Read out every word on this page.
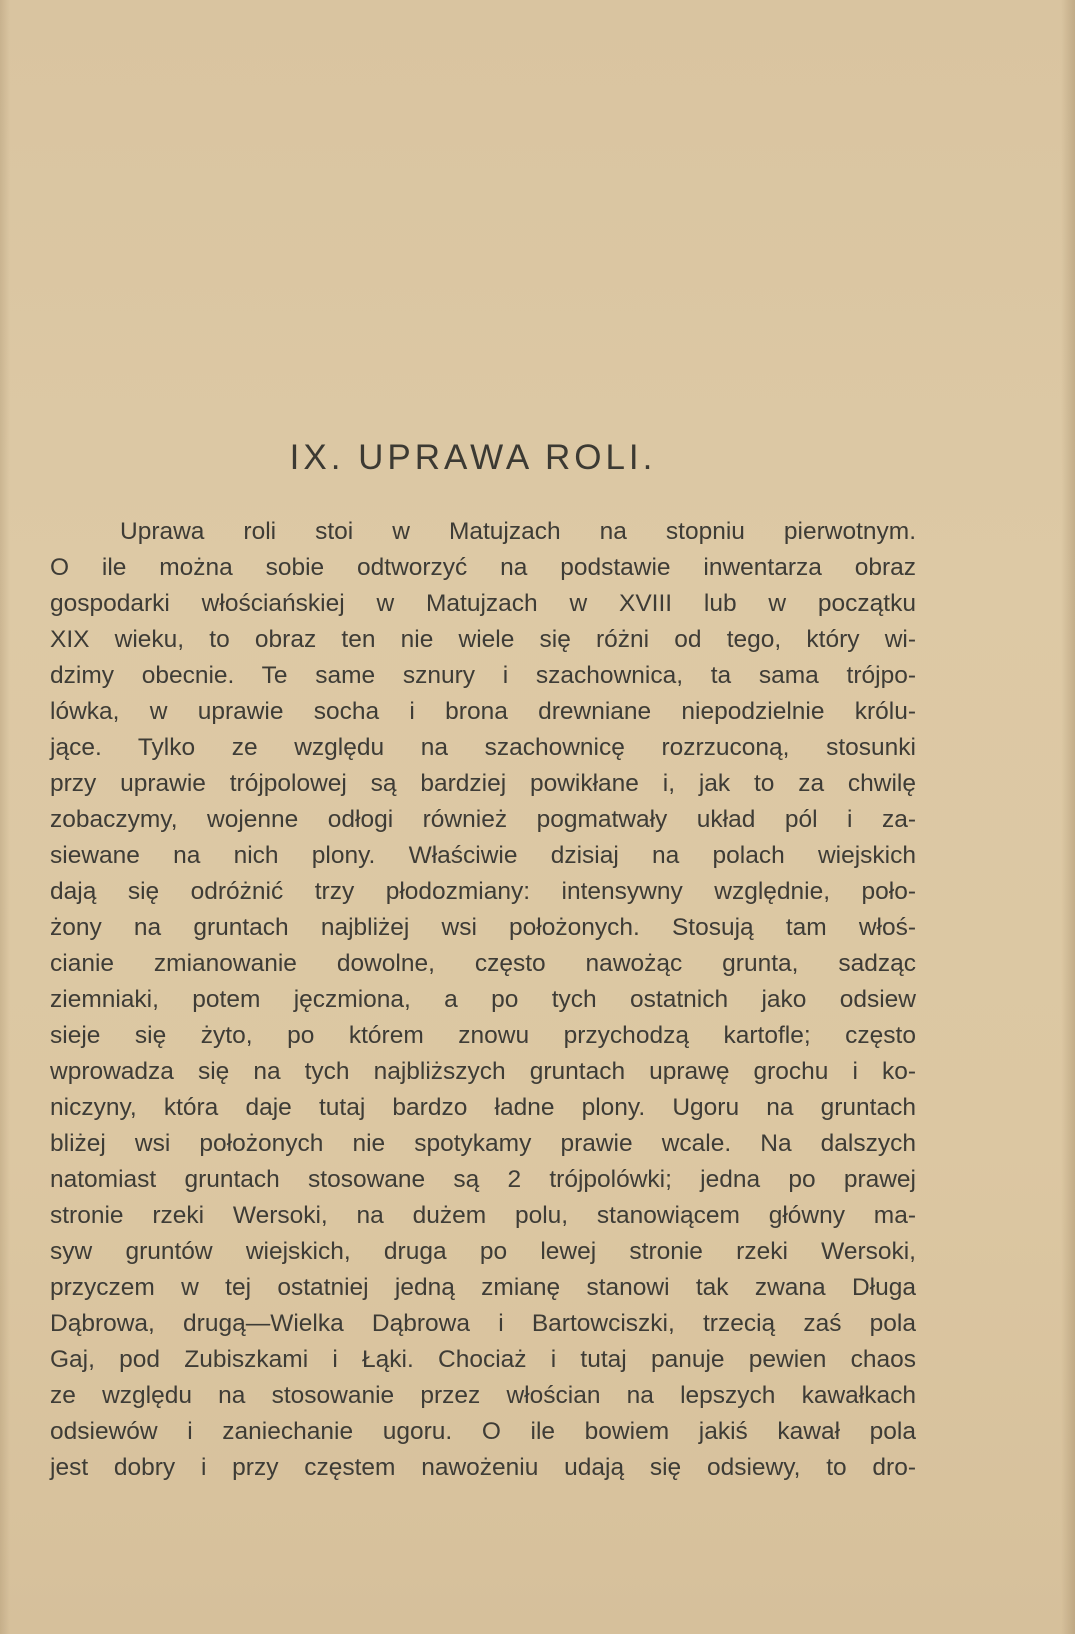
IX. UPRAWA ROLI.
Uprawa roli stoi w Matujzach na stopniu pierwotnym.
O ile można sobie odtworzyć na podstawie inwentarza obraz
gospodarki włościańskiej w Matujzach w XVIII lub w początku
XIX wieku, to obraz ten nie wiele się różni od tego, który wi-
dzimy obecnie. Te same sznury i szachownica, ta sama trójpo-
lówka, w uprawie socha i brona drewniane niepodzielnie królu-
jące. Tylko ze względu na szachownicę rozrzuconą, stosunki
przy uprawie trójpolowej są bardziej powikłane i, jak to za chwilę
zobaczymy, wojenne odłogi również pogmatwały układ pól i za-
siewane na nich plony. Właściwie dzisiaj na polach wiejskich
dają się odróżnić trzy płodozmiany: intensywny względnie, poło-
żony na gruntach najbliżej wsi położonych. Stosują tam włoś-
cianie zmianowanie dowolne, często nawożąc grunta, sadząc
ziemniaki, potem jęczmiona, a po tych ostatnich jako odsiew
sieje się żyto, po którem znowu przychodzą kartofle; często
wprowadza się na tych najbliższych gruntach uprawę grochu i ko-
niczyny, która daje tutaj bardzo ładne plony. Ugoru na gruntach
bliżej wsi położonych nie spotykamy prawie wcale. Na dalszych
natomiast gruntach stosowane są 2 trójpolówki; jedna po prawej
stronie rzeki Wersoki, na dużem polu, stanowiącem główny ma-
syw gruntów wiejskich, druga po lewej stronie rzeki Wersoki,
przyczem w tej ostatniej jedną zmianę stanowi tak zwana Długa
Dąbrowa, drugą—Wielka Dąbrowa i Bartowciszki, trzecią zaś pola
Gaj, pod Zubiszkami i Łąki. Chociaż i tutaj panuje pewien chaos
ze względu na stosowanie przez włościan na lepszych kawałkach
odsiewów i zaniechanie ugoru. O ile bowiem jakiś kawał pola
jest dobry i przy częstem nawożeniu udają się odsiewy, to dro-
